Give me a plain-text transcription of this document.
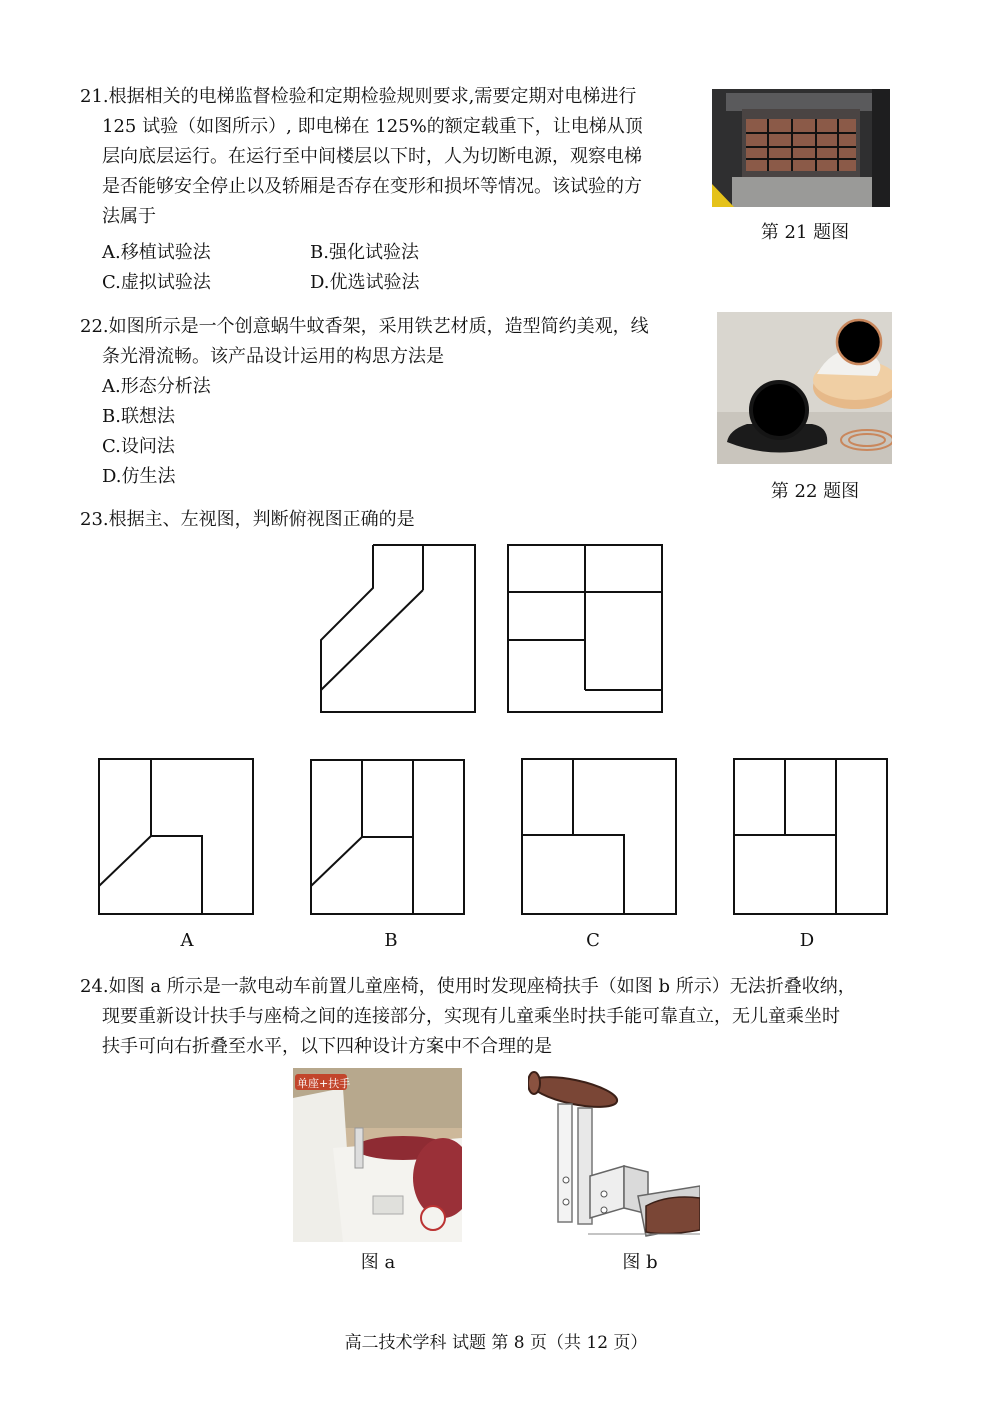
21.根据相关的电梯监督检验和定期检验规则要求,需要定期对电梯进行
125 试验（如图所示）, 即电梯在 125%的额定载重下，让电梯从顶
层向底层运行。在运行至中间楼层以下时，人为切断电源，观察电梯
是否能够安全停止以及轿厢是否存在变形和损坏等情况。该试验的方
法属于
A.移植试验法	B.强化试验法
C.虚拟试验法	D.优选试验法
第 21 题图
22.如图所示是一个创意蜗牛蚊香架，采用铁艺材质，造型简约美观，线
条光滑流畅。该产品设计运用的构思方法是
A.形态分析法
B.联想法
C.设问法
D.仿生法
第 22 题图
23.根据主、左视图，判断俯视图正确的是
A	B	C	D
24.如图 a 所示是一款电动车前置儿童座椅，使用时发现座椅扶手（如图 b 所示）无法折叠收纳，
现要重新设计扶手与座椅之间的连接部分，实现有儿童乘坐时扶手能可靠直立，无儿童乘坐时
扶手可向右折叠至水平，以下四种设计方案中不合理的是
单座+扶手
图 a	图 b
高二技术学科 试题 第 8 页（共 12 页）
